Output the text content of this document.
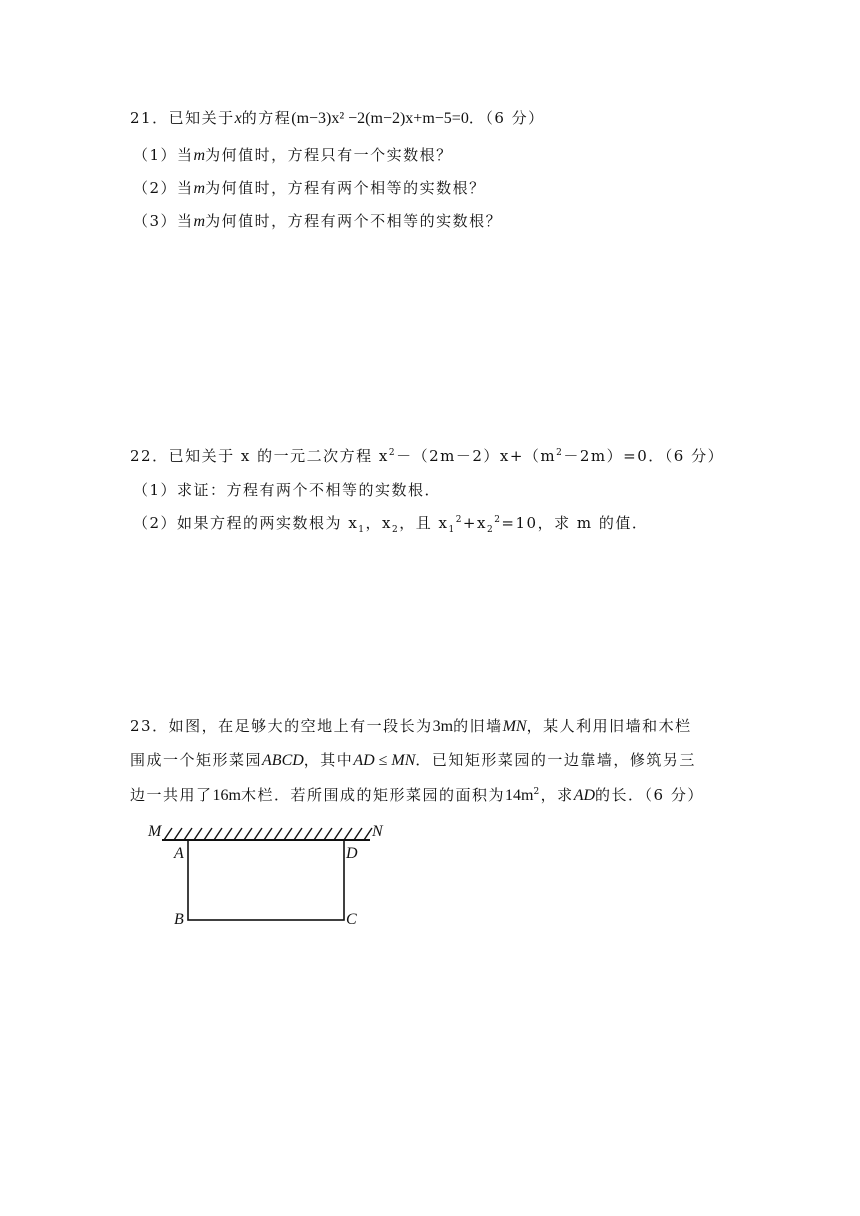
21．已知关于x的方程(m−3)x² −2(m−2)x+m−5=0．（6 分）
（1）当m为何值时，方程只有一个实数根？
（2）当m为何值时，方程有两个相等的实数根？
（3）当m为何值时，方程有两个不相等的实数根？
22．已知关于 x 的一元二次方程 $x^2-(2m-2)x+(m^2-2m)=0$．（6 分）
（1）求证：方程有两个不相等的实数根．
（2）如果方程的两实数根为 $x_1$，$x_2$，且 $x_1^2+x_2^2=10$，求 m 的值．
23．如图，在足够大的空地上有一段长为3m的旧墙MN，某人利用旧墙和木栏
围成一个矩形菜园ABCD，其中AD ≤ MN．已知矩形菜园的一边靠墙，修筑另三
边一共用了16m木栏．若所围成的矩形菜园的面积为$14m^2$，求AD的长．（6 分）
M	N
A	D
B	C
